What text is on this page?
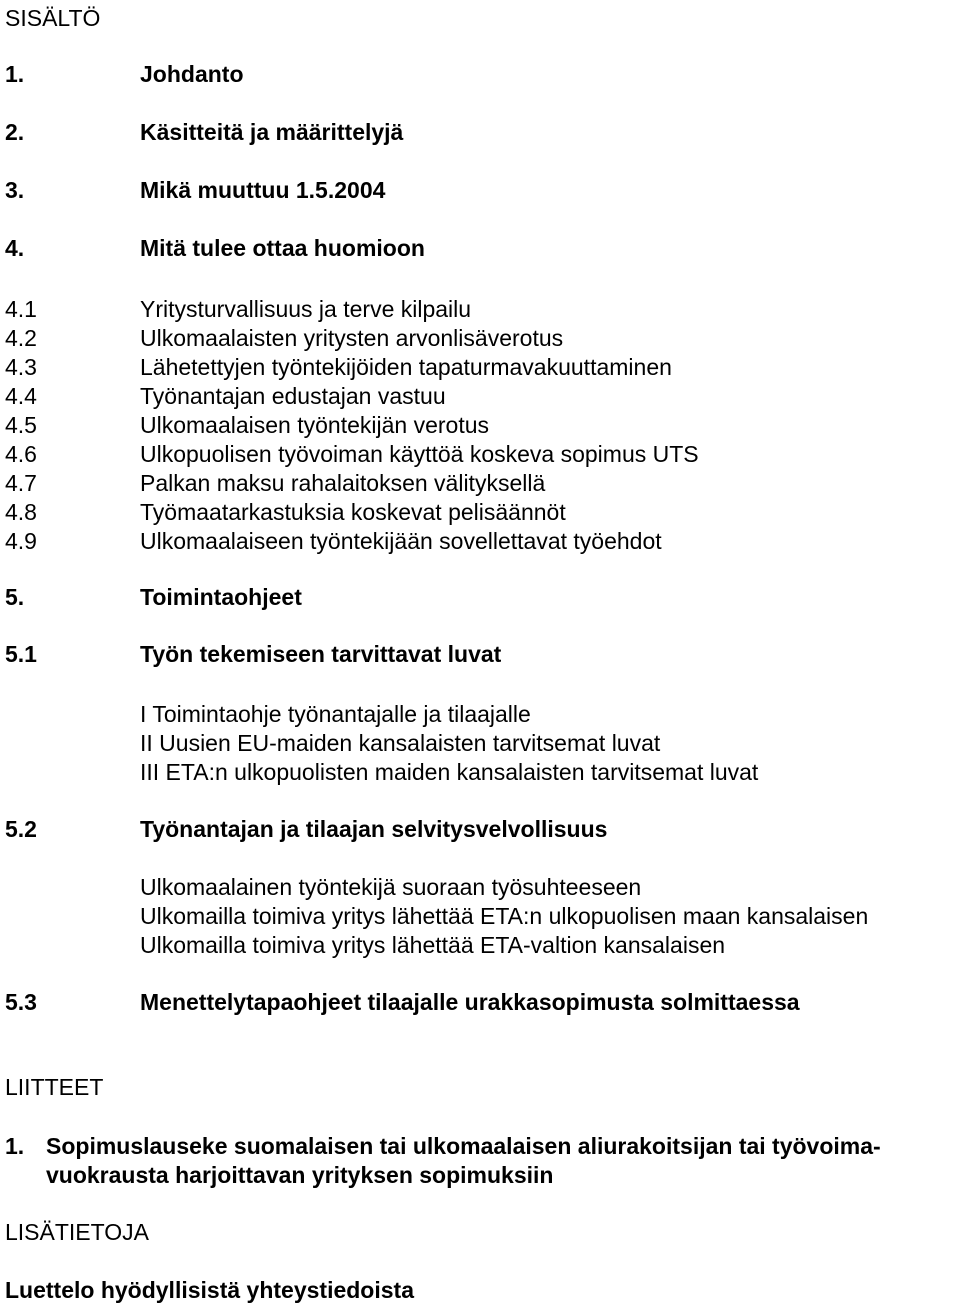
SISÄLTÖ
1.	Johdanto
2.	Käsitteitä ja määrittelyjä
3.	Mikä muuttuu 1.5.2004
4.	Mitä tulee ottaa huomioon
4.1	Yritysturvallisuus ja terve kilpailu
4.2	Ulkomaalaisten yritysten arvonlisäverotus
4.3	Lähetettyjen työntekijöiden tapaturmavakuuttaminen
4.4	Työnantajan edustajan vastuu
4.5	Ulkomaalaisen työntekijän verotus
4.6	Ulkopuolisen työvoiman käyttöä koskeva sopimus UTS
4.7	Palkan maksu rahalaitoksen välityksellä
4.8	Työmaatarkastuksia koskevat pelisäännöt
4.9	Ulkomaalaiseen työntekijään sovellettavat työehdot
5.	Toimintaohjeet
5.1	Työn tekemiseen tarvittavat luvat
I Toimintaohje työnantajalle ja tilaajalle
II Uusien EU-maiden kansalaisten tarvitsemat luvat
III ETA:n ulkopuolisten maiden kansalaisten tarvitsemat luvat
5.2	Työnantajan ja tilaajan selvitysvelvollisuus
Ulkomaalainen työntekijä suoraan työsuhteeseen
Ulkomailla toimiva yritys lähettää ETA:n ulkopuolisen maan kansalaisen
Ulkomailla toimiva yritys lähettää ETA-valtion kansalaisen
5.3	Menettelytapaohjeet tilaajalle urakkasopimusta solmittaessa
LIITTEET
1. Sopimuslauseke suomalaisen tai ulkomaalaisen aliurakoitsijan tai työvoima-
vuokrausta harjoittavan yrityksen sopimuksiin
LISÄTIETOJA
Luettelo hyödyllisistä yhteystiedoista
